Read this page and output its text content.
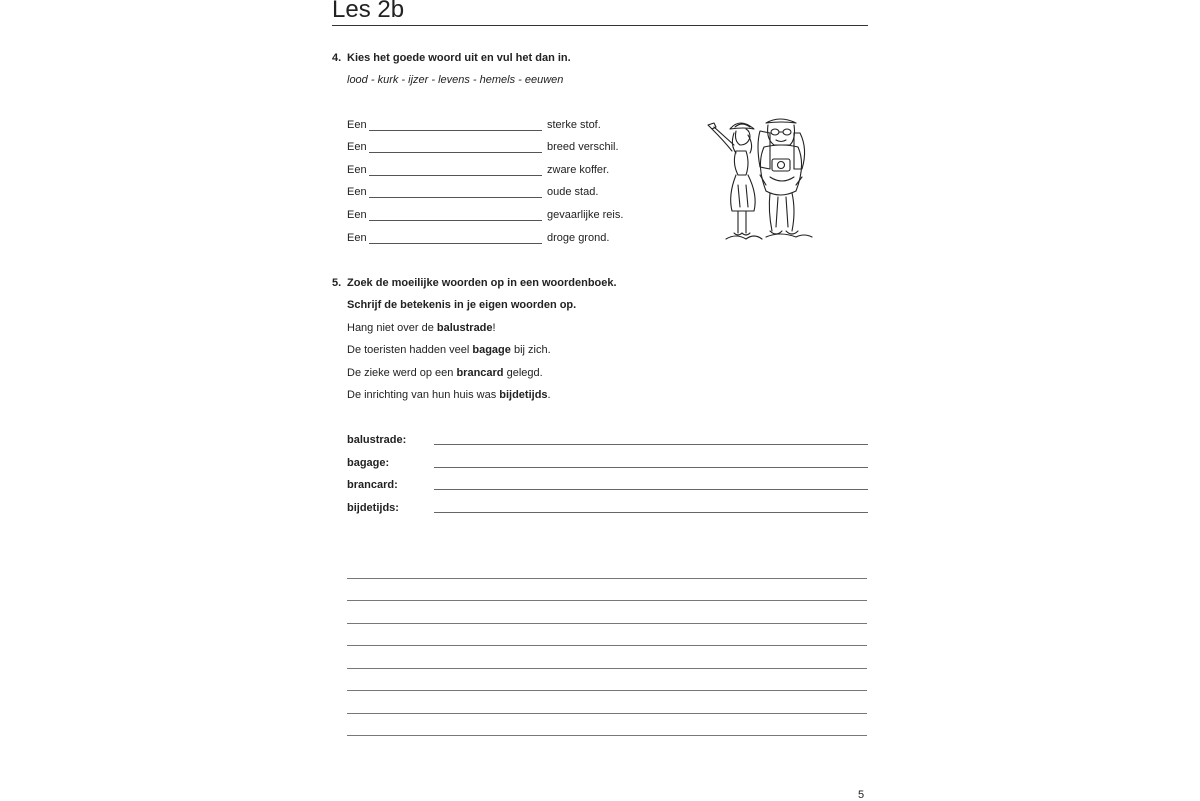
Les 2b
4. Kies het goede woord uit en vul het dan in.
lood - kurk - ijzer - levens - hemels - eeuwen
Een	sterke stof.
Een	breed verschil.
Een	zware koffer.
Een	oude stad.
Een	gevaarlijke reis.
Een	droge grond.
5. Zoek de moeilijke woorden op in een woordenboek.
Schrijf de betekenis in je eigen woorden op.
Hang niet over de balustrade!
De toeristen hadden veel bagage bij zich.
De zieke werd op een brancard gelegd.
De inrichting van hun huis was bijdetijds.
balustrade:
bagage:
brancard:
bijdetijds:
5
